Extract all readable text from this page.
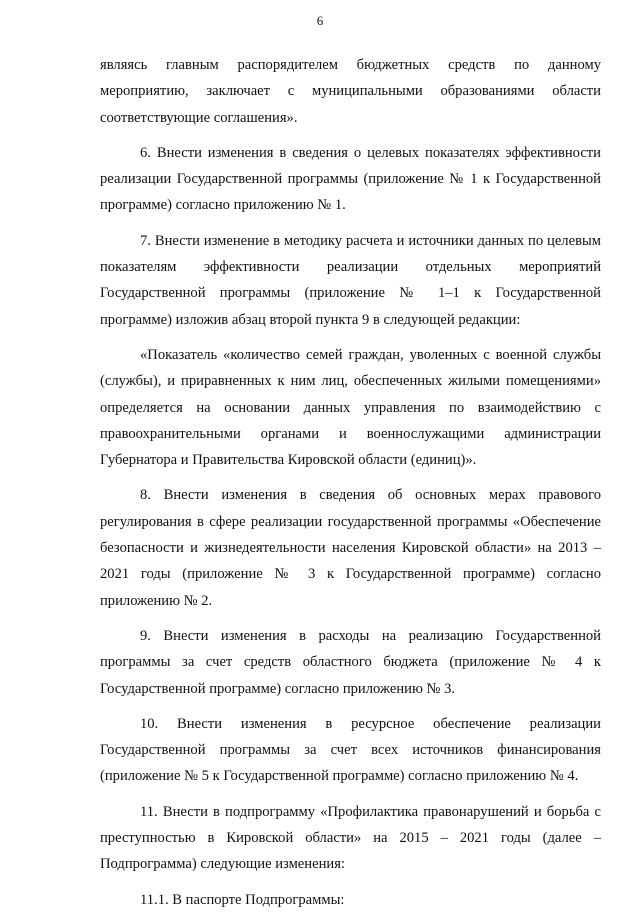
6

являясь главным распорядителем бюджетных средств по данному мероприятию, заключает с муниципальными образованиями области соответствующие соглашения».

6. Внести изменения в сведения о целевых показателях эффективности реализации Государственной программы (приложение № 1 к Государственной программе) согласно приложению № 1.

7. Внести изменение в методику расчета и источники данных по целевым показателям эффективности реализации отдельных мероприятий Государственной программы (приложение № 1–1 к Государственной программе) изложив абзац второй пункта 9 в следующей редакции:

«Показатель «количество семей граждан, уволенных с военной службы (службы), и приравненных к ним лиц, обеспеченных жилыми помещениями» определяется на основании данных управления по взаимодействию с правоохранительными органами и военнослужащими администрации Губернатора и Правительства Кировской области (единиц)».

8. Внести изменения в сведения об основных мерах правового регулирования в сфере реализации государственной программы «Обеспечение безопасности и жизнедеятельности населения Кировской области» на 2013 – 2021 годы (приложение № 3 к Государственной программе) согласно приложению № 2.

9. Внести изменения в расходы на реализацию Государственной программы за счет средств областного бюджета (приложение № 4 к Государственной программе) согласно приложению № 3.

10. Внести изменения в ресурсное обеспечение реализации Государственной программы за счет всех источников финансирования (приложение № 5 к Государственной программе) согласно приложению № 4.

11. Внести в подпрограмму «Профилактика правонарушений и борьба с преступностью в Кировской области» на 2015 – 2021 годы (далее – Подпрограмма) следующие изменения:

11.1. В паспорте Подпрограммы:
